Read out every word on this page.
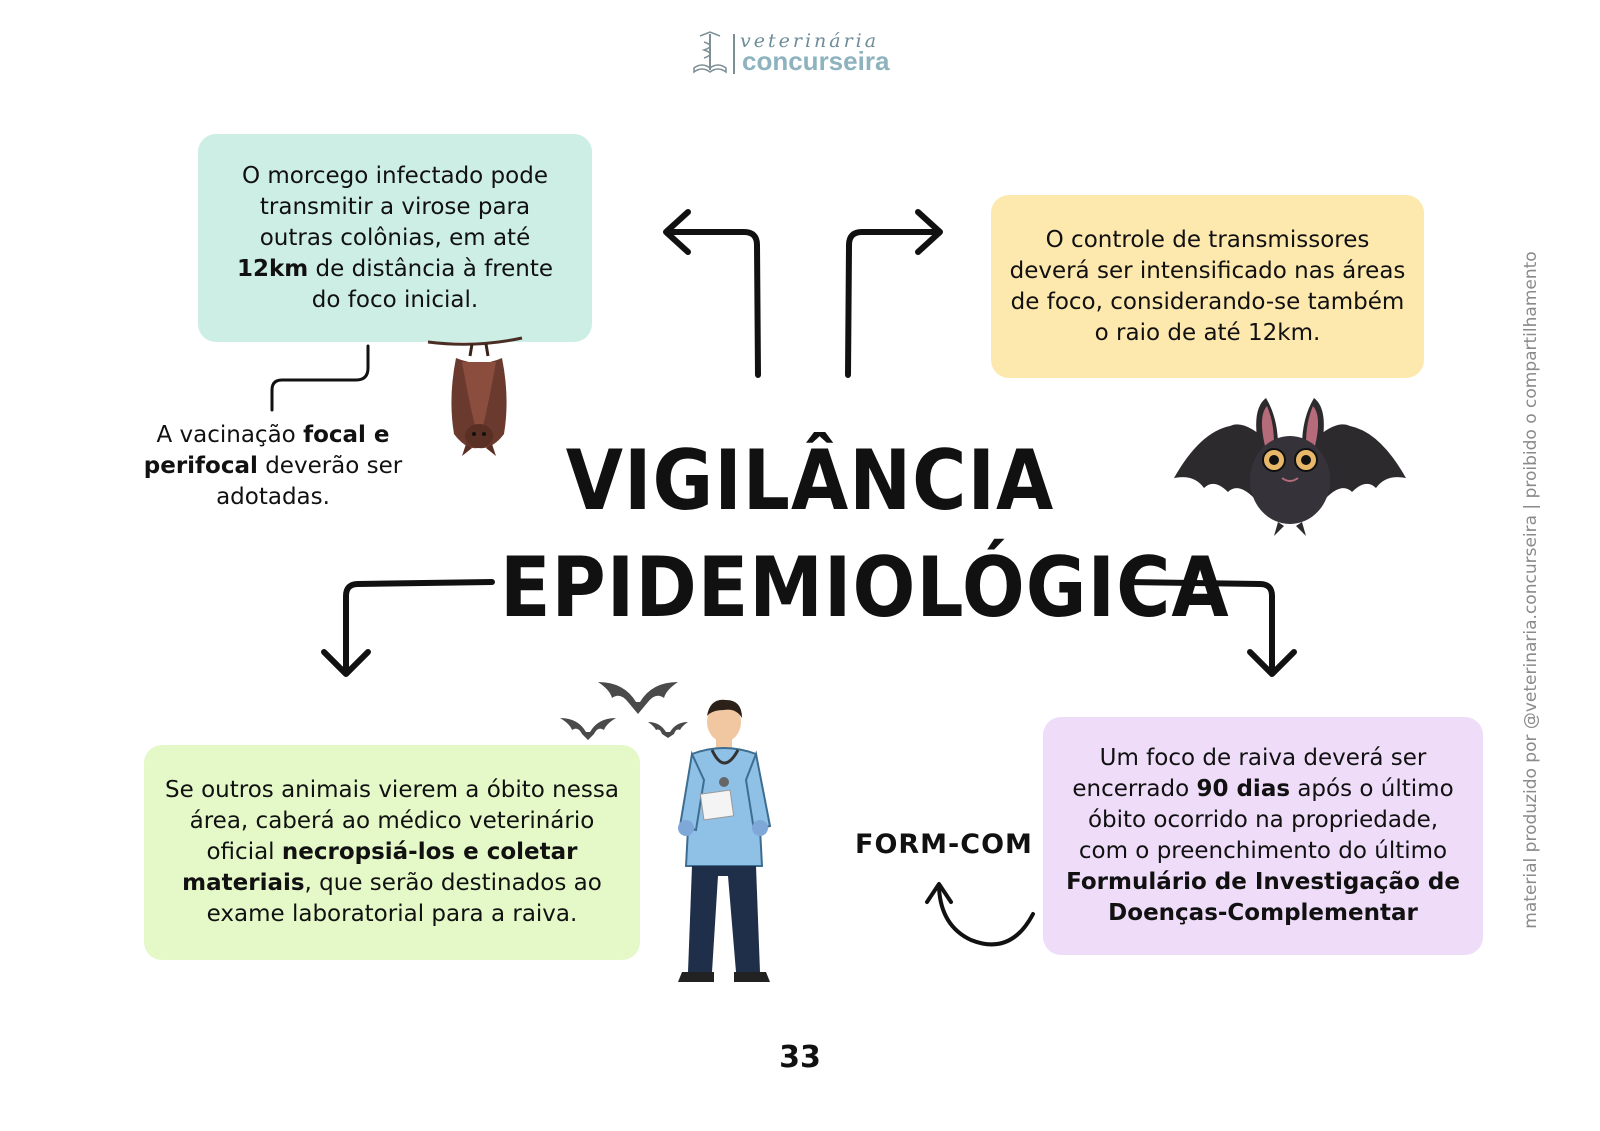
veterinária
concurseira

O morcego infectado pode
transmitir a virose para
outras colônias, em até
12km de distância à frente
do foco inicial.

O controle de transmissores
deverá ser intensificado nas áreas
de foco, considerando-se também
o raio de até 12km.

Se outros animais vierem a óbito nessa
área, caberá ao médico veterinário
oficial necropsiá-los e coletar
materiais, que serão destinados ao
exame laboratorial para a raiva.

Um foco de raiva deverá ser
encerrado 90 dias após o último
óbito ocorrido na propriedade,
com o preenchimento do último
Formulário de Investigação de
Doenças-Complementar

A vacinação focal e
perifocal deverão ser
adotadas.	VIGILÂNCIA
EPIDEMIOLÓGICA
FORM-COM
33
material produzido por @veterinaria.concurseira | proibido o compartilhamento
